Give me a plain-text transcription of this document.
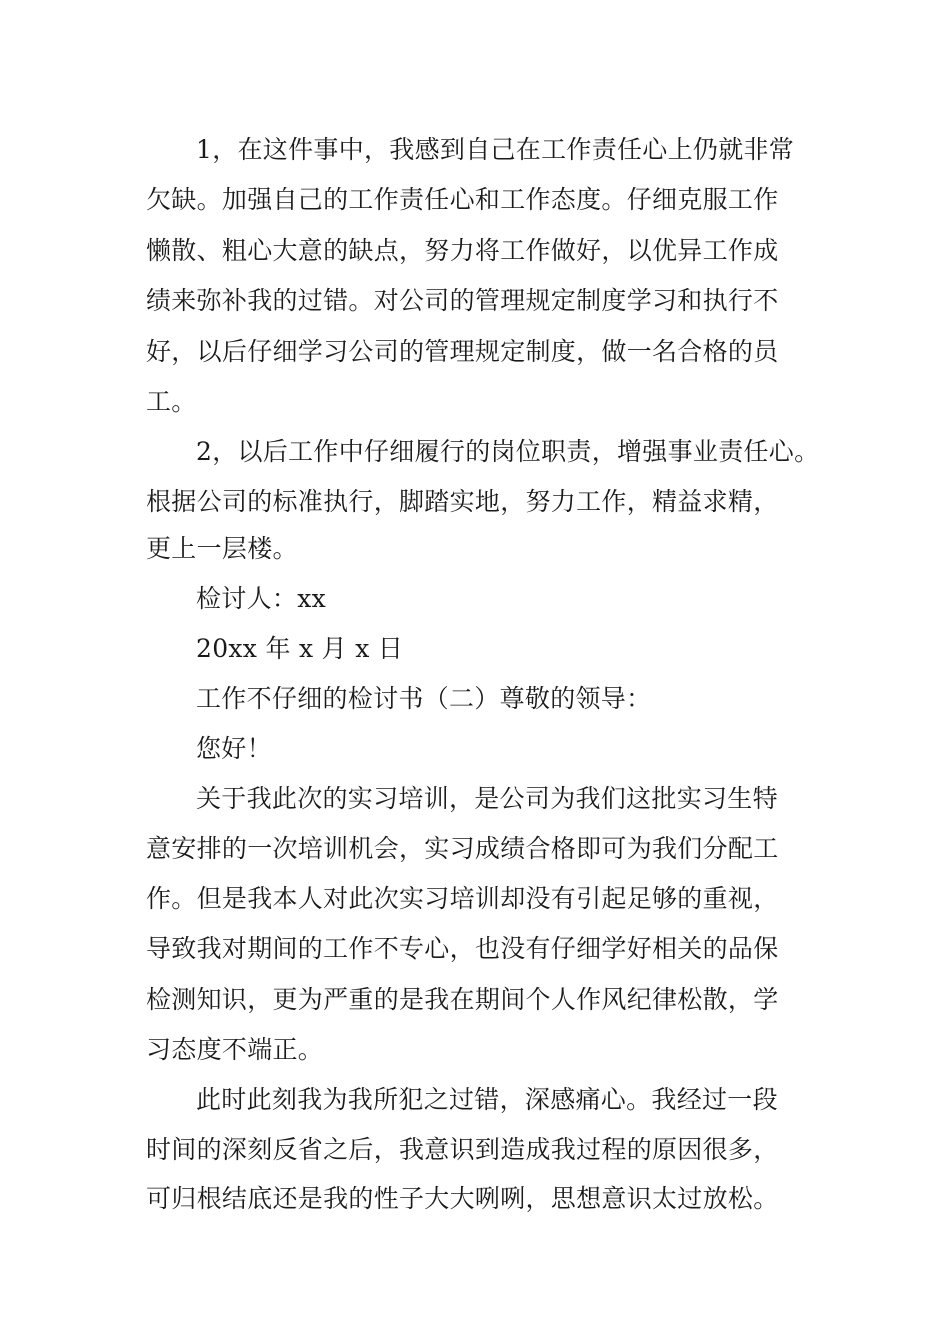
1，在这件事中，我感到自己在工作责任心上仍就非常
欠缺。加强自己的工作责任心和工作态度。仔细克服工作
懒散、粗心大意的缺点，努力将工作做好，以优异工作成
绩来弥补我的过错。对公司的管理规定制度学习和执行不
好，以后仔细学习公司的管理规定制度，做一名合格的员
工。
2，以后工作中仔细履行的岗位职责，增强事业责任心。
根据公司的标准执行，脚踏实地，努力工作，精益求精，
更上一层楼。
检讨人：xx
20xx 年 x 月 x 日
工作不仔细的检讨书（二）尊敬的领导：
您好！
关于我此次的实习培训，是公司为我们这批实习生特
意安排的一次培训机会，实习成绩合格即可为我们分配工
作。但是我本人对此次实习培训却没有引起足够的重视，
导致我对期间的工作不专心，也没有仔细学好相关的品保
检测知识，更为严重的是我在期间个人作风纪律松散，学
习态度不端正。
此时此刻我为我所犯之过错，深感痛心。我经过一段
时间的深刻反省之后，我意识到造成我过程的原因很多，
可归根结底还是我的性子大大咧咧，思想意识太过放松。
